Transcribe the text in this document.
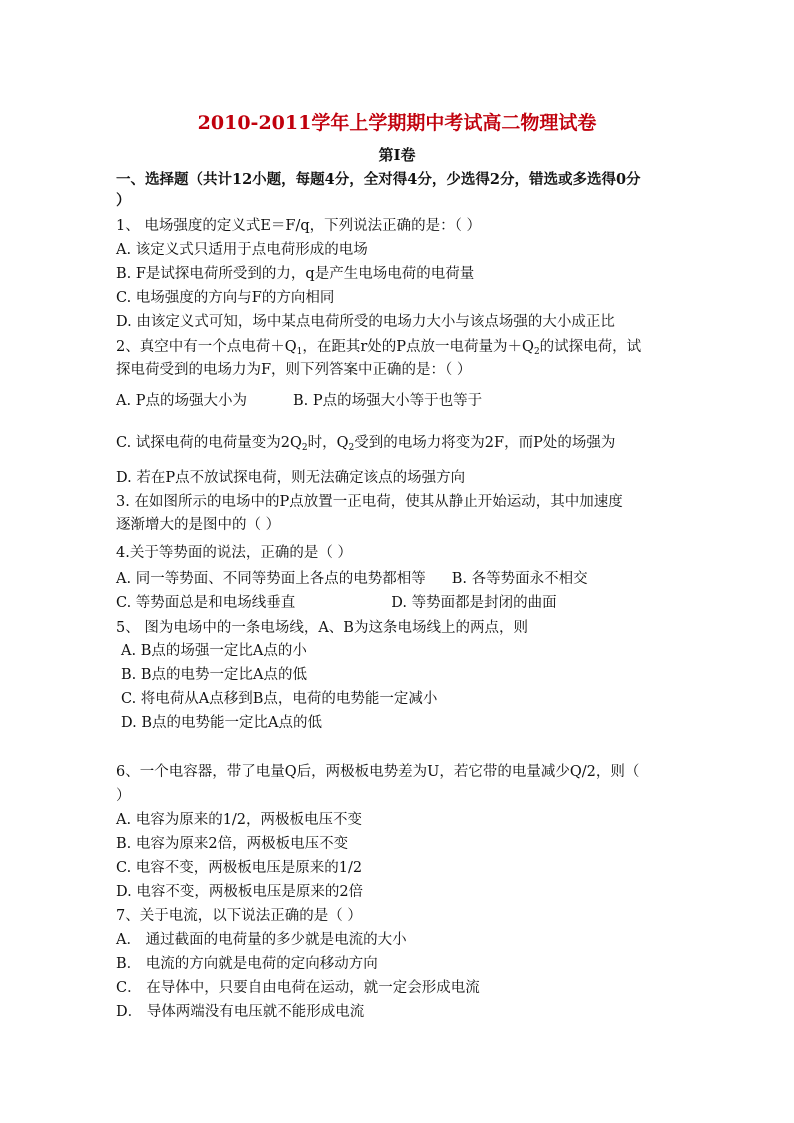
2010-2011学年上学期期中考试高二物理试卷
第Ⅰ卷
一、选择题（共计12小题，每题4分，全对得4分，少选得2分，错选或多选得0分
）
1、 电场强度的定义式E＝F/q，下列说法正确的是：（ ）
A. 该定义式只适用于点电荷形成的电场
B. F是试探电荷所受到的力，q是产生电场电荷的电荷量
C. 电场强度的方向与F的方向相同
D. 由该定义式可知，场中某点电荷所受的电场力大小与该点场强的大小成正比
2、真空中有一个点电荷$+Q_1$，在距其r处的P点放一电荷量为$+Q_2$的试探电荷，试
探电荷受到的电场力为F，则下列答案中正确的是：（ ）
A. P点的场强大小为	B. P点的场强大小等于也等于
C. 试探电荷的电荷量变为$2Q_2$时，$Q_2$受到的电场力将变为2F，而P处的场强为
D. 若在P点不放试探电荷，则无法确定该点的场强方向
3. 在如图所示的电场中的P点放置一正电荷，使其从静止开始运动，其中加速度
逐渐增大的是图中的（ ）
4.关于等势面的说法，正确的是（ ）
A. 同一等势面、不同等势面上各点的电势都相等 B. 各等势面永不相交
C. 等势面总是和电场线垂直	D. 等势面都是封闭的曲面
5、 图为电场中的一条电场线，A、B为这条电场线上的两点，则
A. B点的场强一定比A点的小
B. B点的电势一定比A点的低
C. 将电荷从A点移到B点，电荷的电势能一定减小
D. B点的电势能一定比A点的低
6、一个电容器，带了电量Q后，两极板电势差为U，若它带的电量减少Q/2，则（
）
A. 电容为原来的1/2，两极板电压不变
B. 电容为原来2倍，两极板电压不变
C. 电容不变，两极板电压是原来的1/2
D. 电容不变，两极板电压是原来的2倍
7、关于电流，以下说法正确的是（ ）
A． 通过截面的电荷量的多少就是电流的大小
B． 电流的方向就是电荷的定向移动方向
C． 在导体中，只要自由电荷在运动，就一定会形成电流
D． 导体两端没有电压就不能形成电流
